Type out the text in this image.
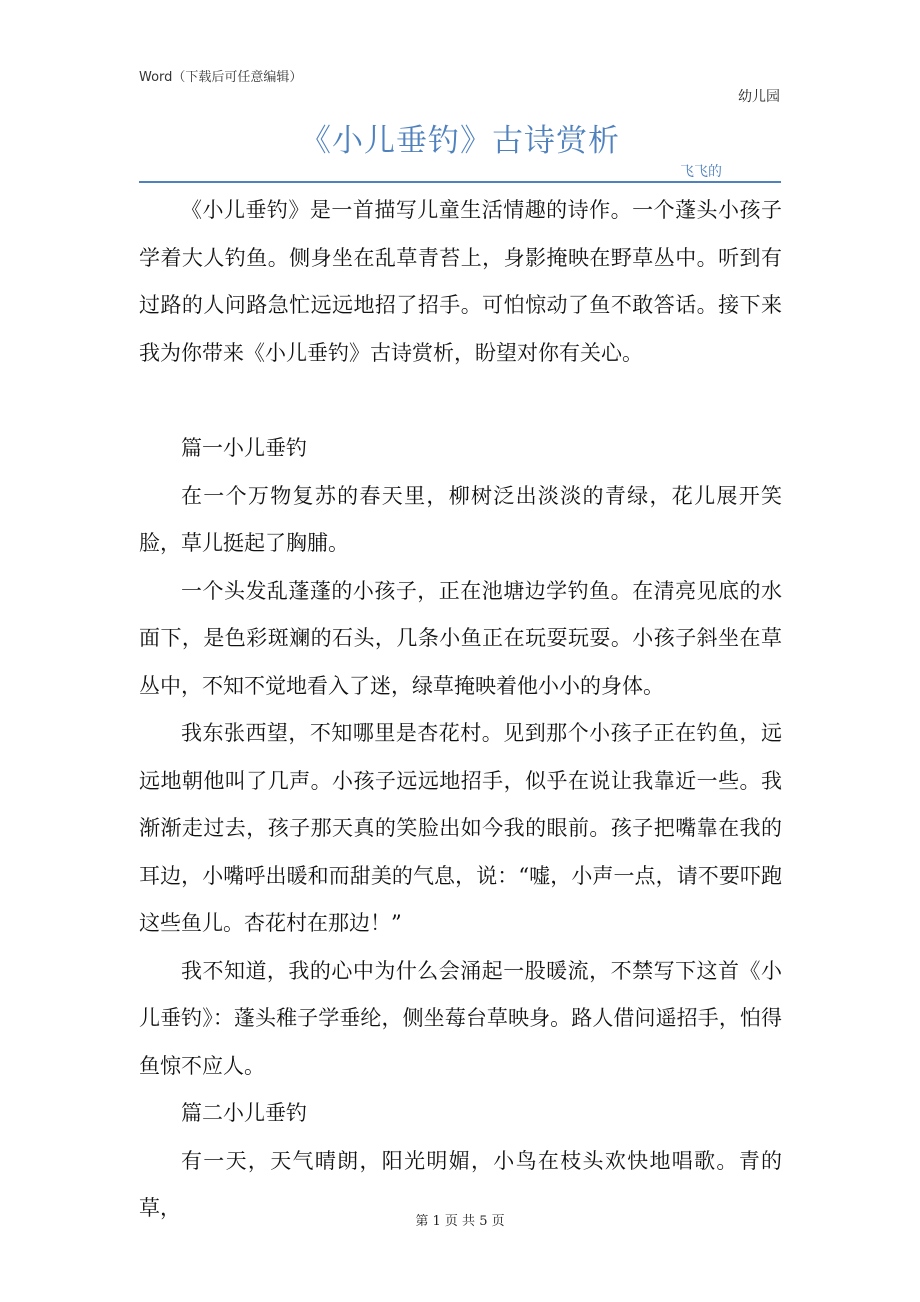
Word（下载后可任意编辑）
幼儿园
《小儿垂钓》古诗赏析
飞飞的

《小儿垂钓》是一首描写儿童生活情趣的诗作。一个蓬头小孩子学着大人钓鱼。侧身坐在乱草青苔上，身影掩映在野草丛中。听到有过路的人问路急忙远远地招了招手。可怕惊动了鱼不敢答话。接下来我为你带来《小儿垂钓》古诗赏析，盼望对你有关心。

篇一小儿垂钓

在一个万物复苏的春天里，柳树泛出淡淡的青绿，花儿展开笑脸，草儿挺起了胸脯。

一个头发乱蓬蓬的小孩子，正在池塘边学钓鱼。在清亮见底的水面下，是色彩斑斓的石头，几条小鱼正在玩耍玩耍。小孩子斜坐在草丛中，不知不觉地看入了迷，绿草掩映着他小小的身体。

我东张西望，不知哪里是杏花村。见到那个小孩子正在钓鱼，远远地朝他叫了几声。小孩子远远地招手，似乎在说让我靠近一些。我渐渐走过去，孩子那天真的笑脸出如今我的眼前。孩子把嘴靠在我的耳边，小嘴呼出暖和而甜美的气息，说：“嘘，小声一点，请不要吓跑这些鱼儿。杏花村在那边！”

我不知道，我的心中为什么会涌起一股暖流，不禁写下这首《小儿垂钓》：蓬头稚子学垂纶，侧坐莓台草映身。路人借问遥招手，怕得鱼惊不应人。

篇二小儿垂钓

有一天，天气晴朗，阳光明媚，小鸟在枝头欢快地唱歌。青的草，

第 1 页 共 5 页
